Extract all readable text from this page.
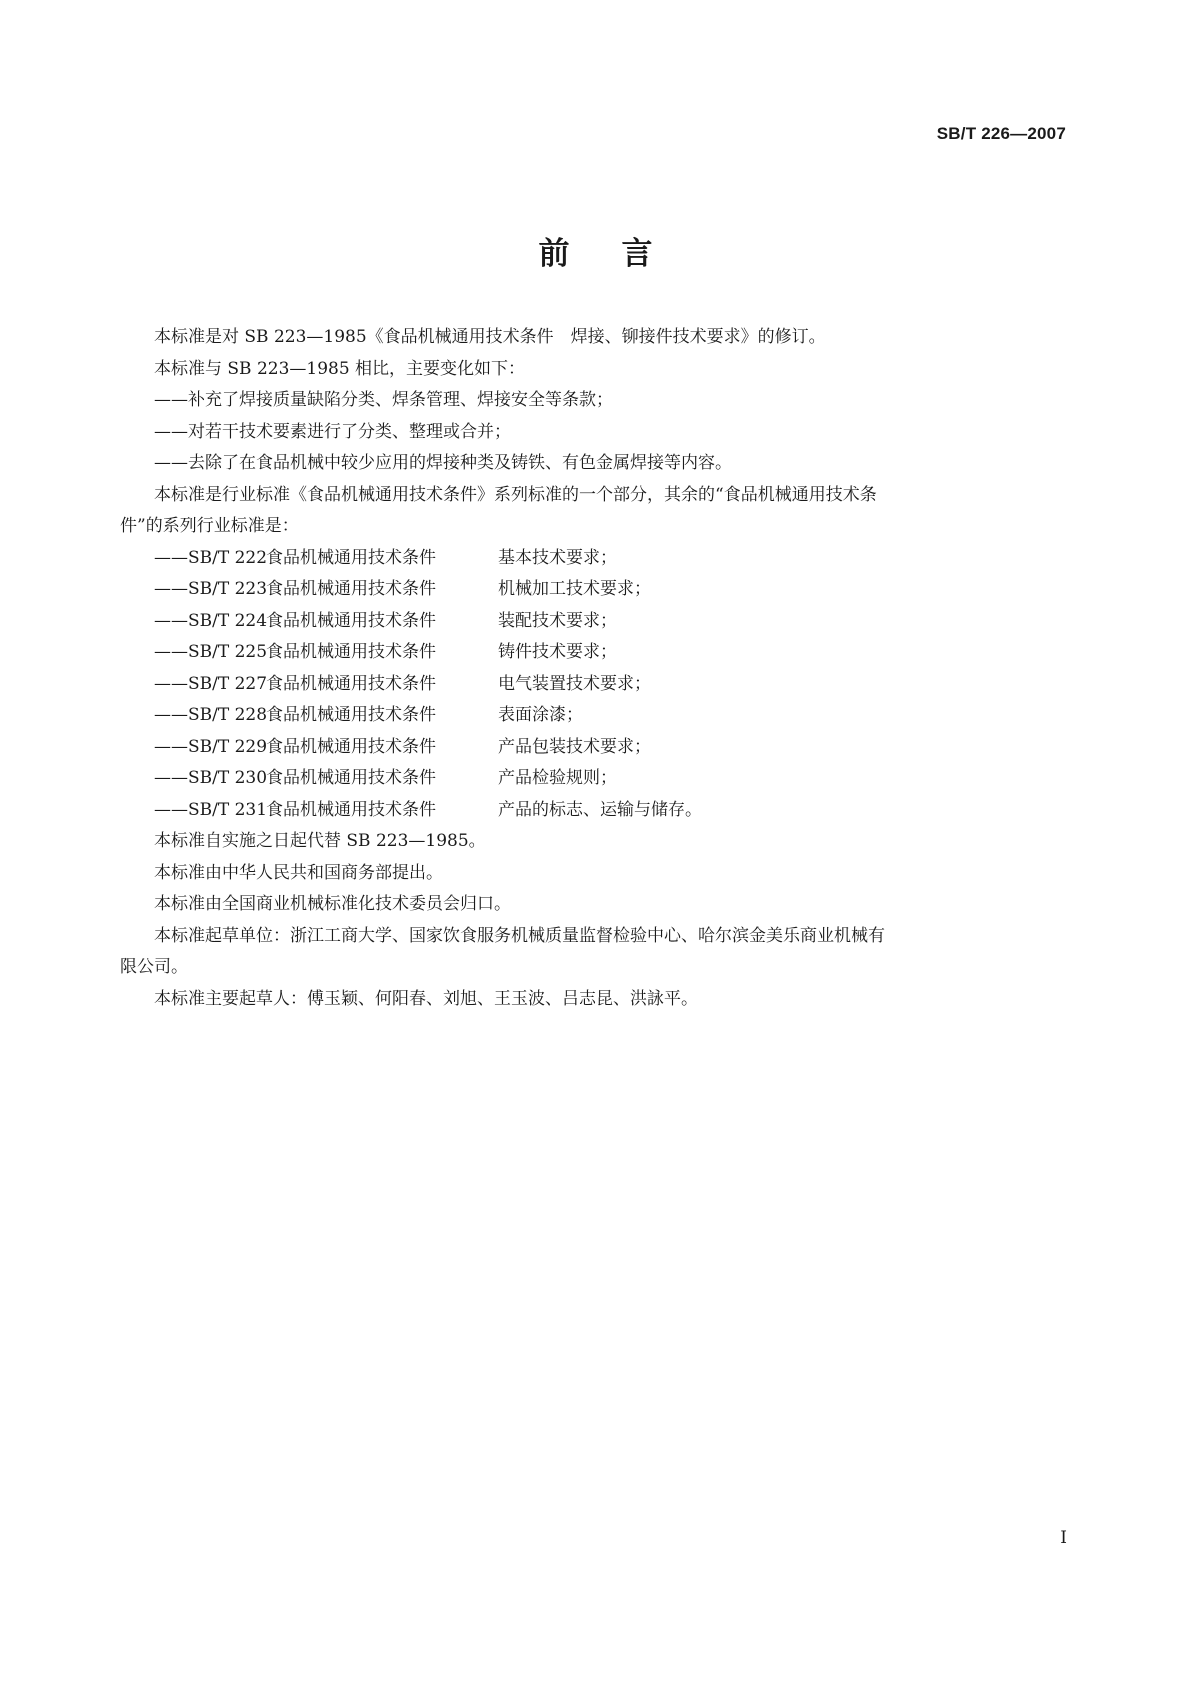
SB/T 226—2007
前 言

本标准是对 SB 223—1985《食品机械通用技术条件　焊接、铆接件技术要求》的修订。

本标准与 SB 223—1985 相比，主要变化如下：

——补充了焊接质量缺陷分类、焊条管理、焊接安全等条款；

——对若干技术要素进行了分类、整理或合并；

——去除了在食品机械中较少应用的焊接种类及铸铁、有色金属焊接等内容。

本标准是行业标准《食品机械通用技术条件》系列标准的一个部分，其余的“食品机械通用技术条
件”的系列行业标准是：

——SB/T 222食品机械通用技术条件	基本技术要求；

——SB/T 223食品机械通用技术条件	机械加工技术要求；

——SB/T 224食品机械通用技术条件	装配技术要求；

——SB/T 225食品机械通用技术条件	铸件技术要求；

——SB/T 227食品机械通用技术条件	电气装置技术要求；

——SB/T 228食品机械通用技术条件	表面涂漆；

——SB/T 229食品机械通用技术条件	产品包装技术要求；

——SB/T 230食品机械通用技术条件	产品检验规则；

——SB/T 231食品机械通用技术条件	产品的标志、运输与储存。

本标准自实施之日起代替 SB 223—1985。

本标准由中华人民共和国商务部提出。

本标准由全国商业机械标准化技术委员会归口。

本标准起草单位：浙江工商大学、国家饮食服务机械质量监督检验中心、哈尔滨金美乐商业机械有
限公司。

本标准主要起草人：傅玉颖、何阳春、刘旭、王玉波、吕志昆、洪詠平。

I
